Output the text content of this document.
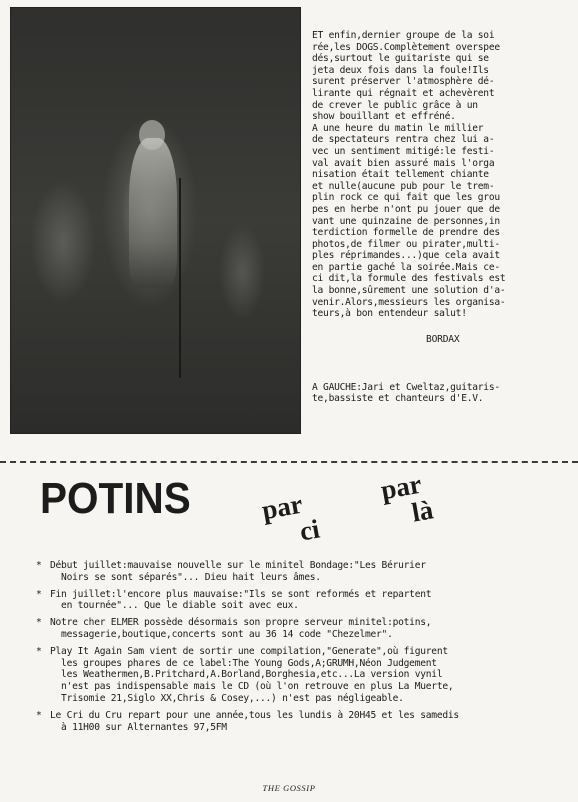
ET enfin,dernier groupe de la soi
rée,les DOGS.Complètement overspee
dés,surtout le guitariste qui se
jeta deux fois dans la foule!Ils
surent préserver l'atmosphère dé-
lirante qui régnait et achevèrent
de crever le public grâce à un
show bouillant et effréné.
A une heure du matin le millier
de spectateurs rentra chez lui a-
vec un sentiment mitigé:le festi-
val avait bien assuré mais l'orga
nisation était tellement chiante
et nulle(aucune pub pour le trem-
plin rock ce qui fait que les grou
pes en herbe n'ont pu jouer que de
vant une quinzaine de personnes,in
terdiction formelle de prendre des
photos,de filmer ou pirater,multi-
ples réprimandes...)que cela avait
en partie gaché la soirée.Mais ce-
ci dit,la formule des festivals est
la bonne,sûrement une solution d'a-
venir.Alors,messieurs les organisa-
teurs,à bon entendeur salut!
BORDAX
A GAUCHE:Jari et Cweltaz,guitaris-
te,bassiste et chanteurs d'E.V.
POTINS	par
ci
par
là
* Début juillet:mauvaise nouvelle sur le minitel Bondage:"Les Bérurier
Noirs se sont séparés"... Dieu hait leurs âmes.
* Fin juillet:l'encore plus mauvaise:"Ils se sont reformés et repartent
en tournée"... Que le diable soit avec eux.
* Notre cher ELMER possède désormais son propre serveur minitel:potins,
messagerie,boutique,concerts sont au 36 14 code "Chezelmer".
* Play It Again Sam vient de sortir une compilation,"Generate",où figurent
les groupes phares de ce label:The Young Gods,A;GRUMH,Néon Judgement
les Weathermen,B.Pritchard,A.Borland,Borghesia,etc...La version vynil
n'est pas indispensable mais le CD (où l'on retrouve en plus La Muerte,
Trisomie 21,Siglo XX,Chris & Cosey,...) n'est pas négligeable.
* Le Cri du Cru repart pour une année,tous les lundis à 20H45 et les samedis
à 11H00 sur Alternantes 97,5FM
THE GOSSIP
